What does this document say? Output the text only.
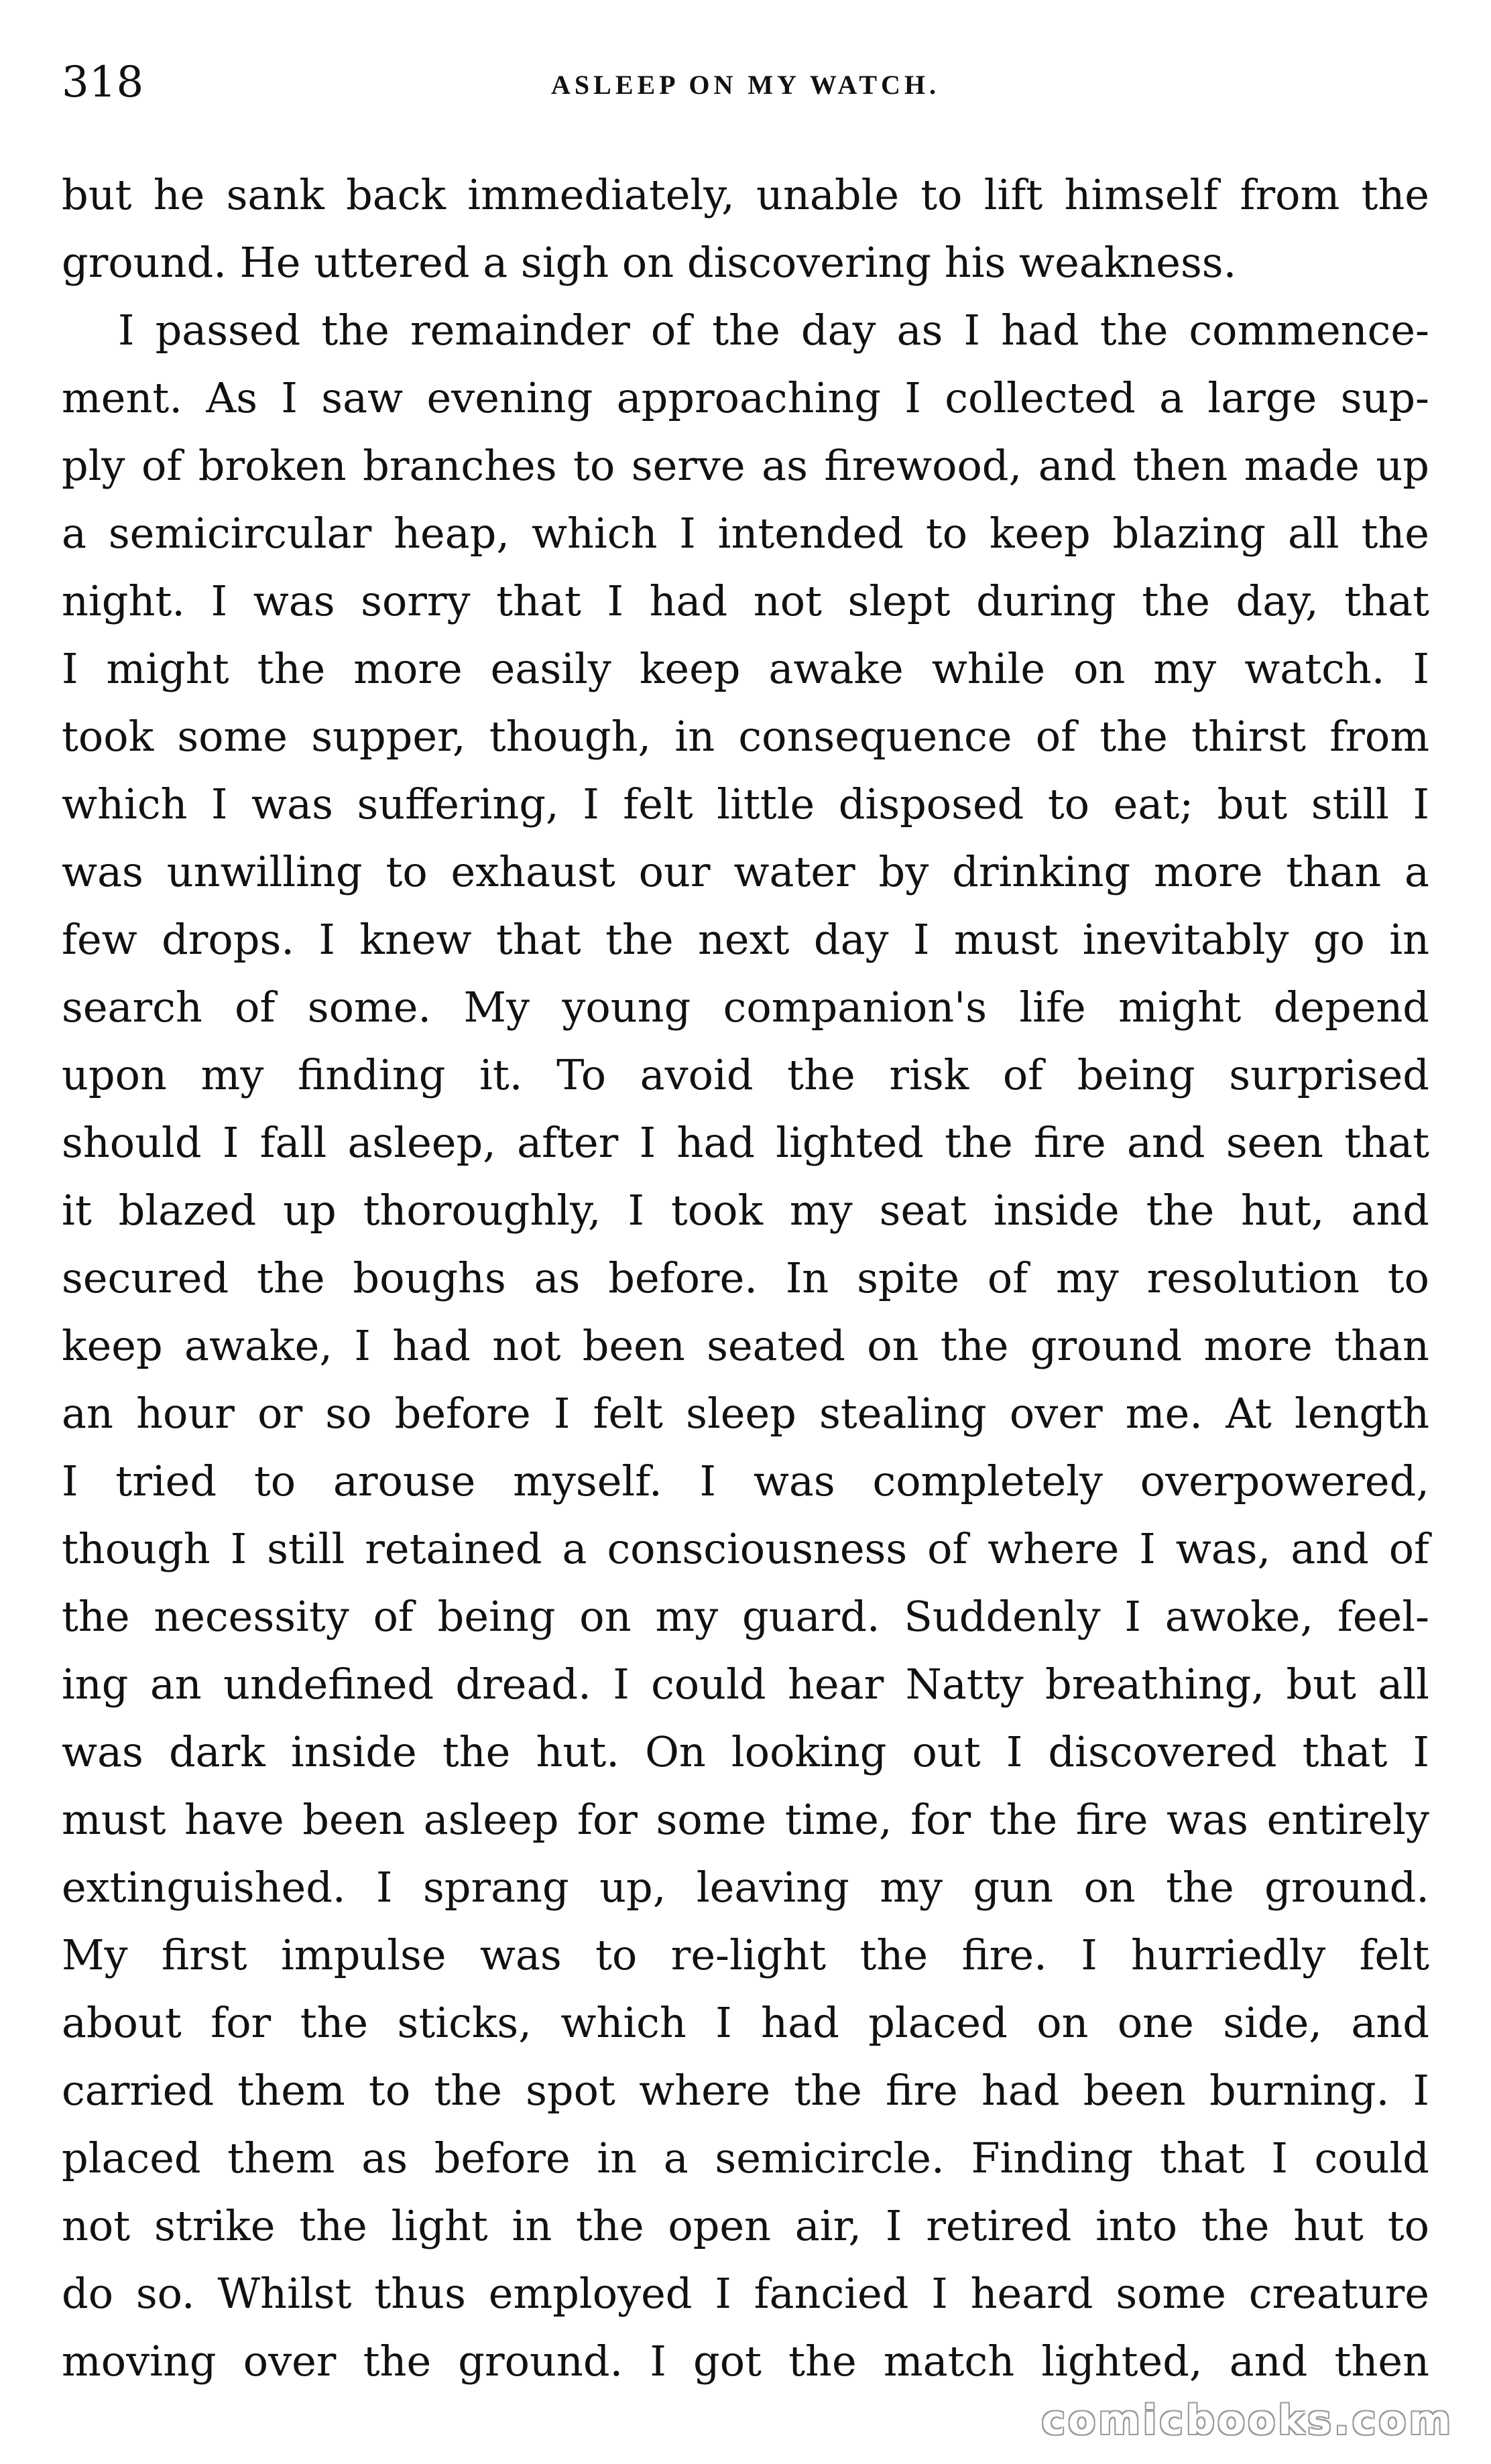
318	ASLEEP ON MY WATCH.
but he sank back immediately, unable to lift himself from the
ground. He uttered a sigh on discovering his weakness.
I passed the remainder of the day as I had the commence-
ment. As I saw evening approaching I collected a large sup-
ply of broken branches to serve as firewood, and then made up
a semicircular heap, which I intended to keep blazing all the
night. I was sorry that I had not slept during the day, that
I might the more easily keep awake while on my watch. I
took some supper, though, in consequence of the thirst from
which I was suffering, I felt little disposed to eat; but still I
was unwilling to exhaust our water by drinking more than a
few drops. I knew that the next day I must inevitably go in
search of some. My young companion's life might depend
upon my finding it. To avoid the risk of being surprised
should I fall asleep, after I had lighted the fire and seen that
it blazed up thoroughly, I took my seat inside the hut, and
secured the boughs as before. In spite of my resolution to
keep awake, I had not been seated on the ground more than
an hour or so before I felt sleep stealing over me. At length
I tried to arouse myself. I was completely overpowered,
though I still retained a consciousness of where I was, and of
the necessity of being on my guard. Suddenly I awoke, feel-
ing an undefined dread. I could hear Natty breathing, but all
was dark inside the hut. On looking out I discovered that I
must have been asleep for some time, for the fire was entirely
extinguished. I sprang up, leaving my gun on the ground.
My first impulse was to re-light the fire. I hurriedly felt
about for the sticks, which I had placed on one side, and
carried them to the spot where the fire had been burning. I
placed them as before in a semicircle. Finding that I could
not strike the light in the open air, I retired into the hut to
do so. Whilst thus employed I fancied I heard some creature
moving over the ground. I got the match lighted, and then
comicbooks.com
